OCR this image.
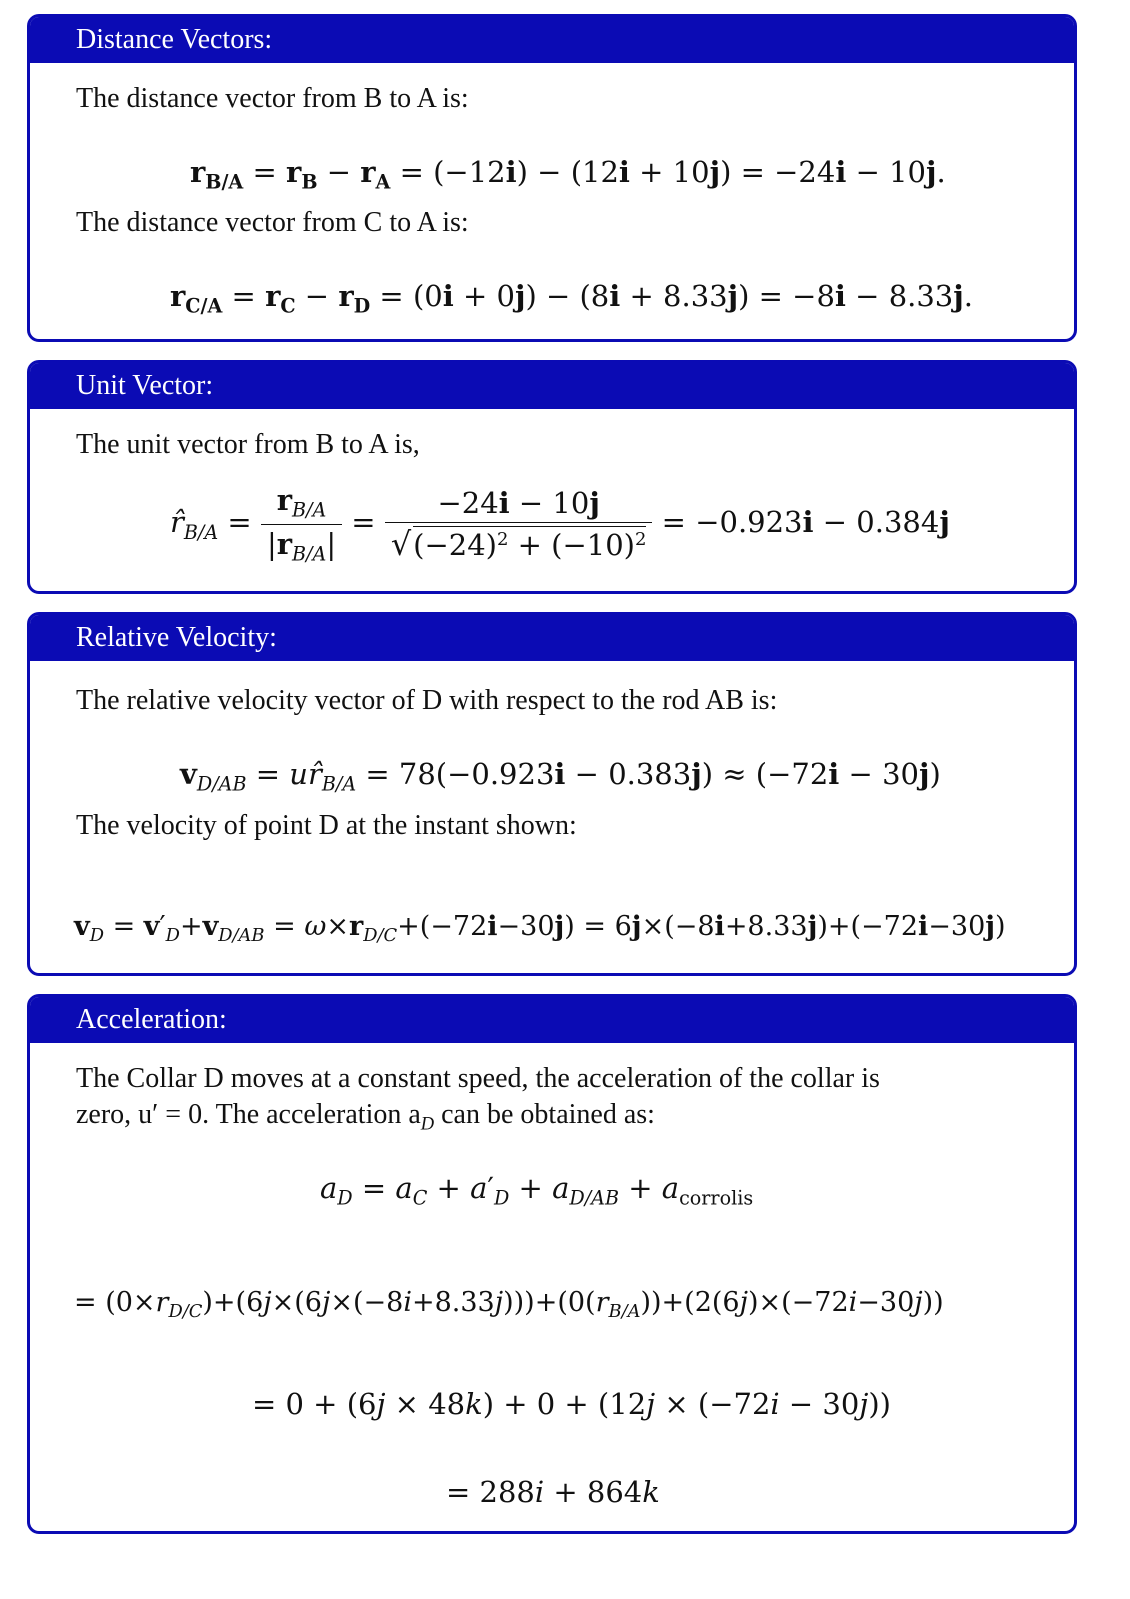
Distance Vectors:
The distance vector from B to A is:
$r_{B/A} = r_B - r_A = (-12i) - (12i + 10j) = -24i - 10j$.
The distance vector from C to A is:
$r_{C/A} = r_C - r_D = (0i + 0j) - (8i + 8.33j) = -8i - 8.33j$.
Unit Vector:
The unit vector from B to A is,
$r̂_{B/A} = \frac{r_{B/A}}{|r_{B/A}|} = \frac{-24i - 10j}{√(-24)^2 + (-10)^2} = -0.923i - 0.384j$
Relative Velocity:
The relative velocity vector of D with respect to the rod AB is:
$v_{D/AB}$ = $ur̂_{B/A} = 78(-0.923i - 0.383j) \approx (-72i - 30j)$
The velocity of point D at the instant shown:
$v_D = v'_D+v_{D/AB} = \omega\times r_{D/C}+(-72i-30j) = 6j\times(-8i+8.33j)+(-72i-30j)$
Acceleration:
The Collar D moves at a constant speed, the acceleration of the collar is
zero, u′ = 0. The acceleration $a_D$ can be obtained as:
$a_D = a_C + a'_D + a_{D/AB} + a_{corrolis}$
= $(0\times r_{D/C})+(6j\times(6j\times(-8i+8.33j)))+(0(r_{B/A}))+(2(6j)\times(-72i-30j))$
= 0 + (6j × 48k) + 0 + (12j × (−72i − 30j))
= 288i + 864k
